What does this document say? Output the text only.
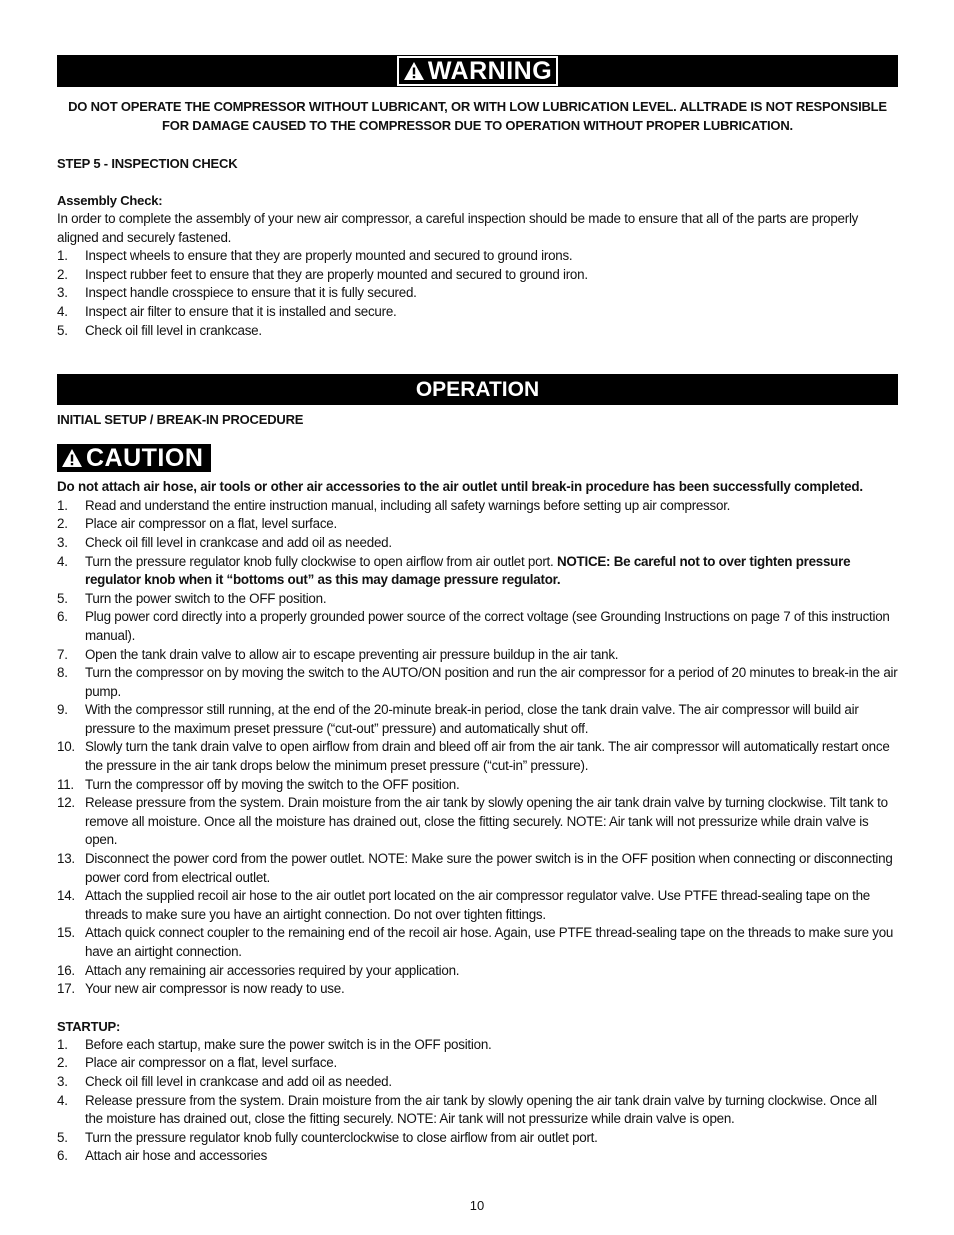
WARNING
DO NOT OPERATE THE COMPRESSOR WITHOUT LUBRICANT, OR WITH LOW LUBRICATION LEVEL. ALLTRADE IS NOT RESPONSIBLE FOR DAMAGE CAUSED TO THE COMPRESSOR DUE TO OPERATION WITHOUT PROPER LUBRICATION.
STEP 5 - INSPECTION CHECK
Assembly Check:

In order to complete the assembly of your new air compressor, a careful inspection should be made to ensure that all of the parts are properly aligned and securely fastened.

1. Inspect wheels to ensure that they are properly mounted and secured to ground irons.
2. Inspect rubber feet to ensure that they are properly mounted and secured to ground iron.
3. Inspect handle crosspiece to ensure that it is fully secured.
4. Inspect air filter to ensure that it is installed and secure.
5. Check oil fill level in crankcase.
OPERATION
INITIAL SETUP / BREAK-IN PROCEDURE
CAUTION
Do not attach air hose, air tools or other air accessories to the air outlet until break-in procedure has been successfully completed.
1. Read and understand the entire instruction manual, including all safety warnings before setting up air compressor.
2. Place air compressor on a flat, level surface.
3. Check oil fill level in crankcase and add oil as needed.
4. Turn the pressure regulator knob fully clockwise to open airflow from air outlet port. NOTICE: Be careful not to over tighten pressure regulator knob when it “bottoms out” as this may damage pressure regulator.
5. Turn the power switch to the OFF position.
6. Plug power cord directly into a properly grounded power source of the correct voltage (see Grounding Instructions on page 7 of this instruction manual).
7. Open the tank drain valve to allow air to escape preventing air pressure buildup in the air tank.
8. Turn the compressor on by moving the switch to the AUTO/ON position and run the air compressor for a period of 20 minutes to break-in the air pump.
9. With the compressor still running, at the end of the 20-minute break-in period, close the tank drain valve. The air compressor will build air pressure to the maximum preset pressure (“cut-out” pressure) and automatically shut off.
10. Slowly turn the tank drain valve to open airflow from drain and bleed off air from the air tank. The air compressor will automatically restart once the pressure in the air tank drops below the minimum preset pressure (“cut-in” pressure).
11. Turn the compressor off by moving the switch to the OFF position.
12. Release pressure from the system. Drain moisture from the air tank by slowly opening the air tank drain valve by turning clockwise. Tilt tank to remove all moisture. Once all the moisture has drained out, close the fitting securely. NOTE: Air tank will not pressurize while drain valve is open.
13. Disconnect the power cord from the power outlet. NOTE: Make sure the power switch is in the OFF position when connecting or disconnecting power cord from electrical outlet.
14. Attach the supplied recoil air hose to the air outlet port located on the air compressor regulator valve. Use PTFE thread-sealing tape on the threads to make sure you have an airtight connection. Do not over tighten fittings.
15. Attach quick connect coupler to the remaining end of the recoil air hose. Again, use PTFE thread-sealing tape on the threads to make sure you have an airtight connection.
16. Attach any remaining air accessories required by your application.
17. Your new air compressor is now ready to use.
STARTUP:
1. Before each startup, make sure the power switch is in the OFF position.
2. Place air compressor on a flat, level surface.
3. Check oil fill level in crankcase and add oil as needed.
4. Release pressure from the system. Drain moisture from the air tank by slowly opening the air tank drain valve by turning clockwise. Once all the moisture has drained out, close the fitting securely. NOTE: Air tank will not pressurize while drain valve is open.
5. Turn the pressure regulator knob fully counterclockwise to close airflow from air outlet port.
6. Attach air hose and accessories
10
